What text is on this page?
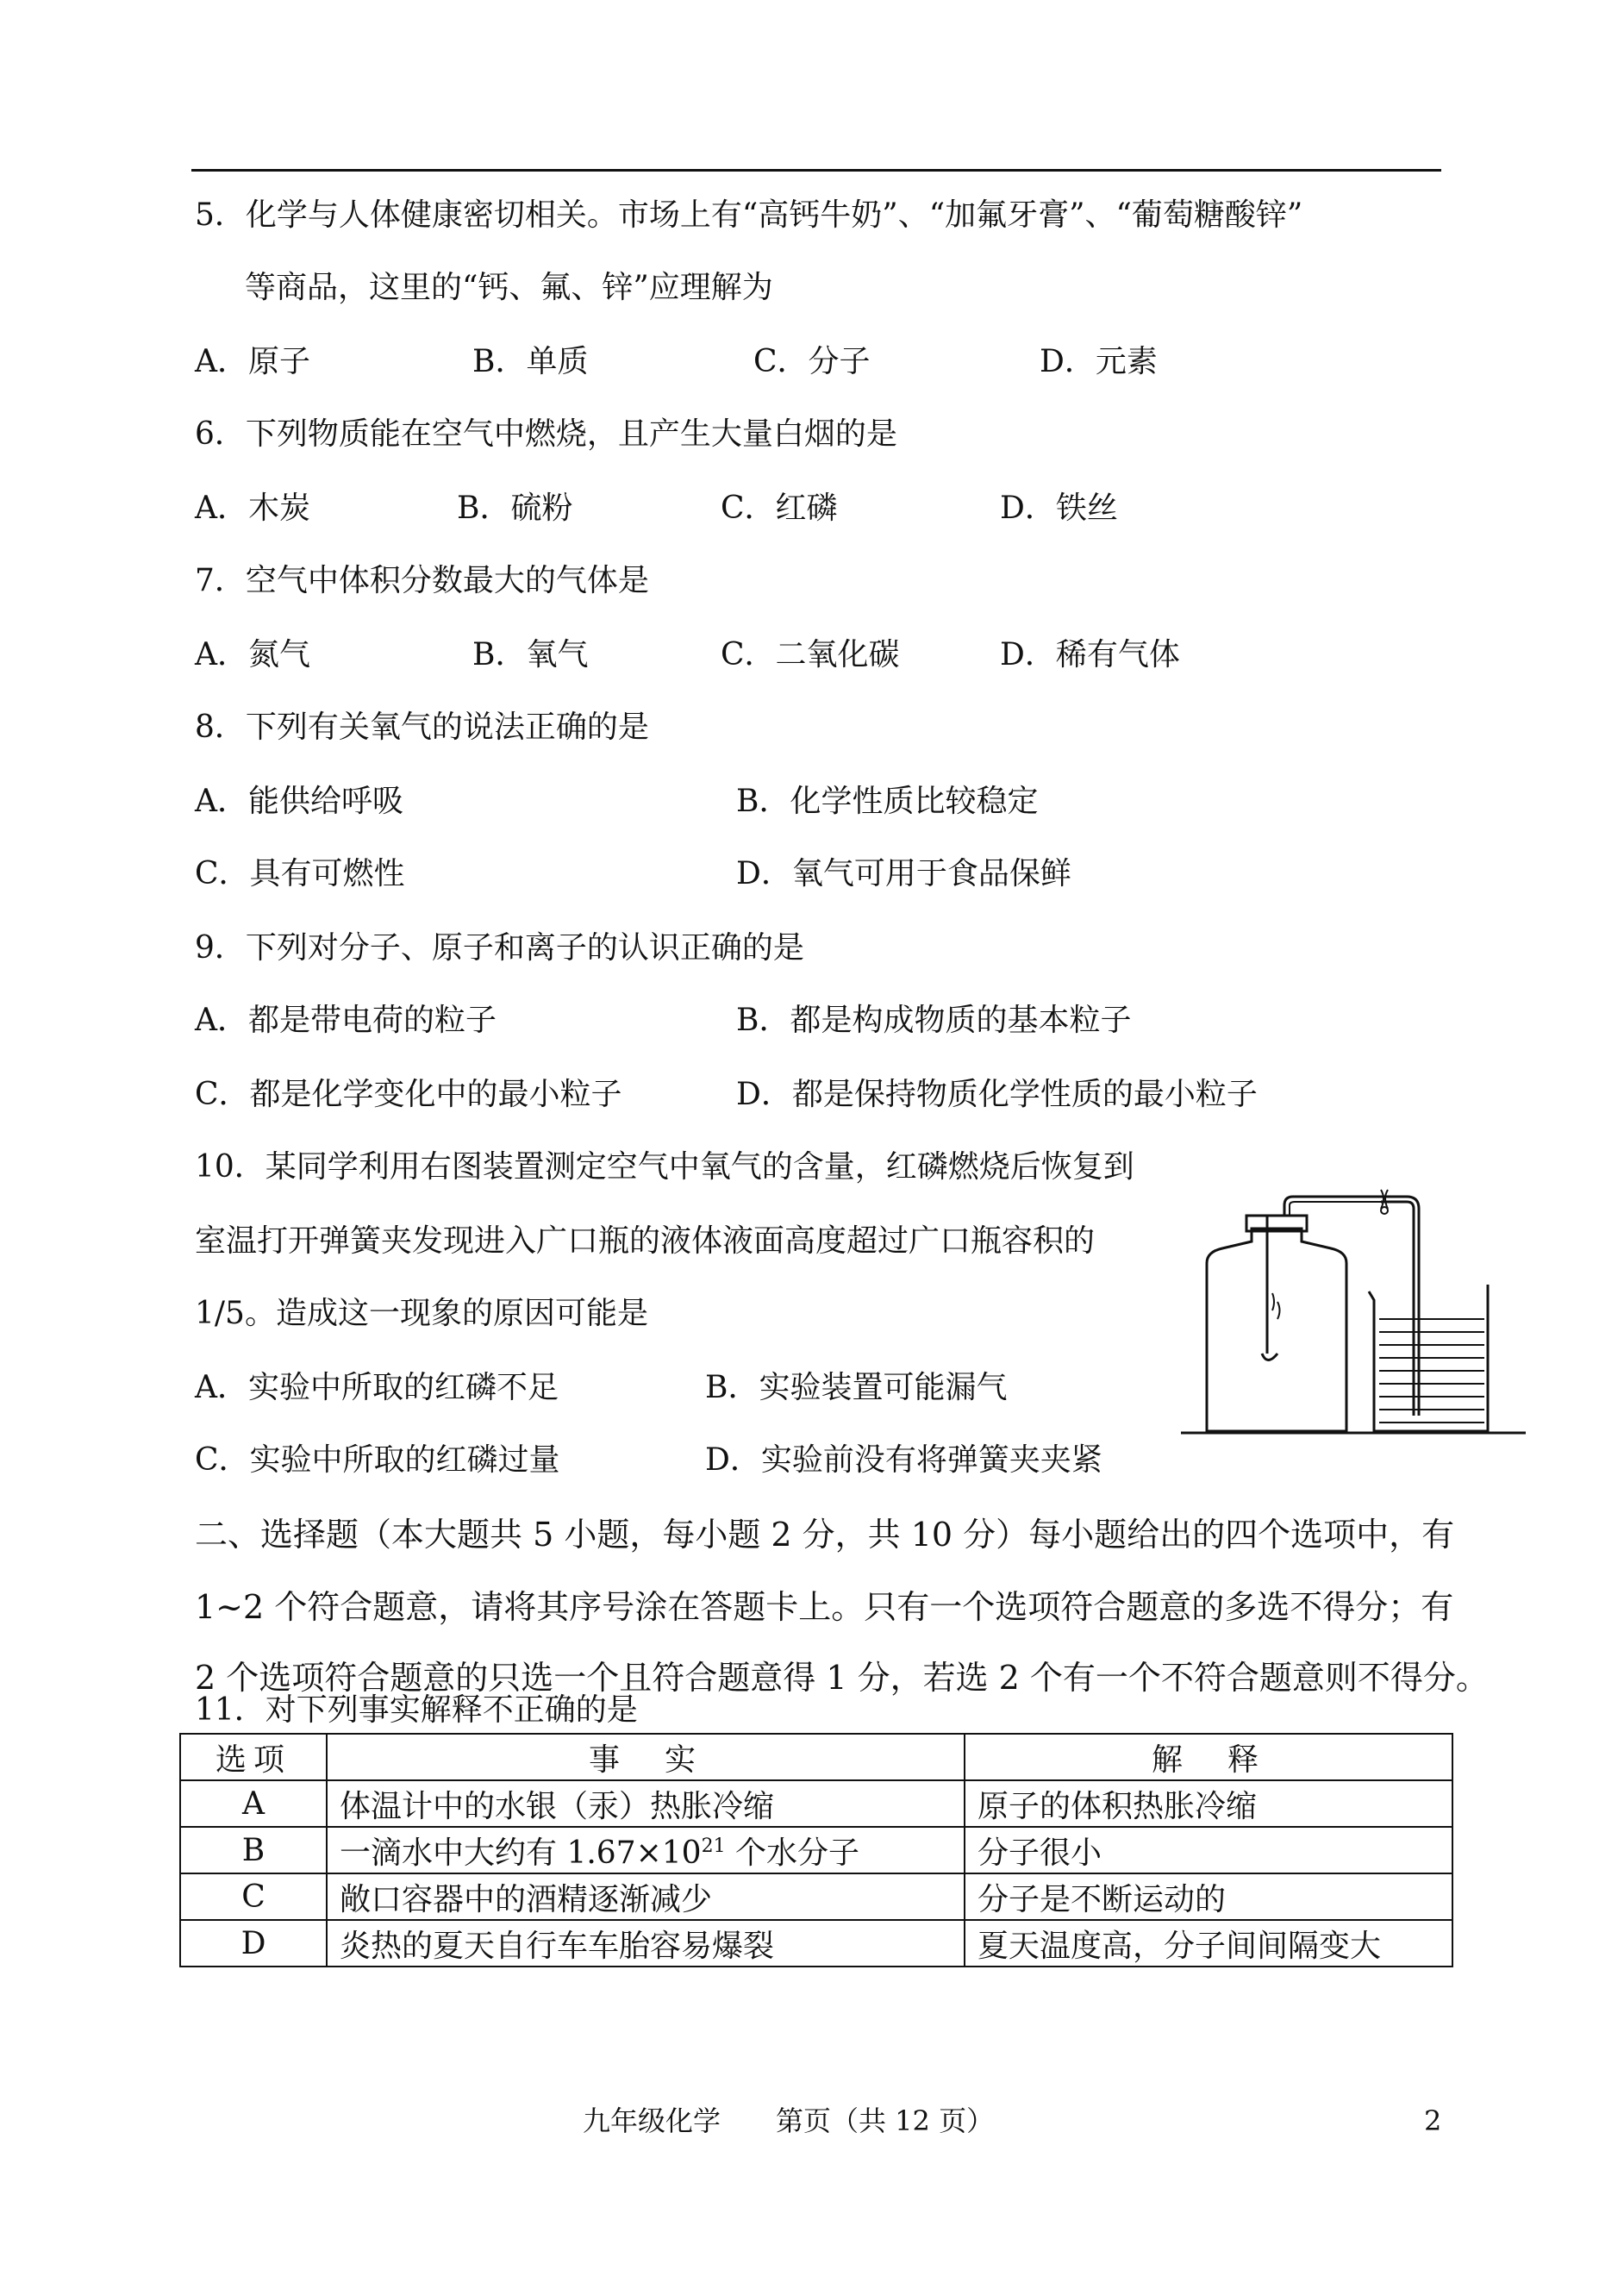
5．化学与人体健康密切相关。市场上有“高钙牛奶”、“加氟牙膏”、“葡萄糖酸锌”
等商品，这里的“钙、氟、锌”应理解为
A．原子	B．单质	C．分子	D．元素
6．下列物质能在空气中燃烧，且产生大量白烟的是
A．木炭	B．硫粉	C．红磷	D．铁丝
7．空气中体积分数最大的气体是
A．氮气	B．氧气	C．二氧化碳	D．稀有气体
8．下列有关氧气的说法正确的是
A．能供给呼吸	B．化学性质比较稳定
C．具有可燃性	D．氧气可用于食品保鲜
9．下列对分子、原子和离子的认识正确的是
A．都是带电荷的粒子	B．都是构成物质的基本粒子
C．都是化学变化中的最小粒子	D．都是保持物质化学性质的最小粒子
10．某同学利用右图装置测定空气中氧气的含量，红磷燃烧后恢复到
室温打开弹簧夹发现进入广口瓶的液体液面高度超过广口瓶容积的
1/5。造成这一现象的原因可能是
A．实验中所取的红磷不足	B．实验装置可能漏气
C．实验中所取的红磷过量	D．实验前没有将弹簧夹夹紧
二、选择题（本大题共 5 小题，每小题 2 分，共 10 分）每小题给出的四个选项中，有
1~2 个符合题意，请将其序号涂在答题卡上。只有一个选项符合题意的多选不得分；有
2 个选项符合题意的只选一个且符合题意得 1 分，若选 2 个有一个不符合题意则不得分。
11．对下列事实解释不正确的是
选项	事　实	解　释
A	体温计中的水银（汞）热胀冷缩	原子的体积热胀冷缩
B	一滴水中大约有 $1.67\times 10^{21}$ 个水分子	分子很小
C	敞口容器中的酒精逐渐减少	分子是不断运动的
D	炎热的夏天自行车车胎容易爆裂	夏天温度高，分子间间隔变大
九年级化学　　第页（共 12 页）	2
